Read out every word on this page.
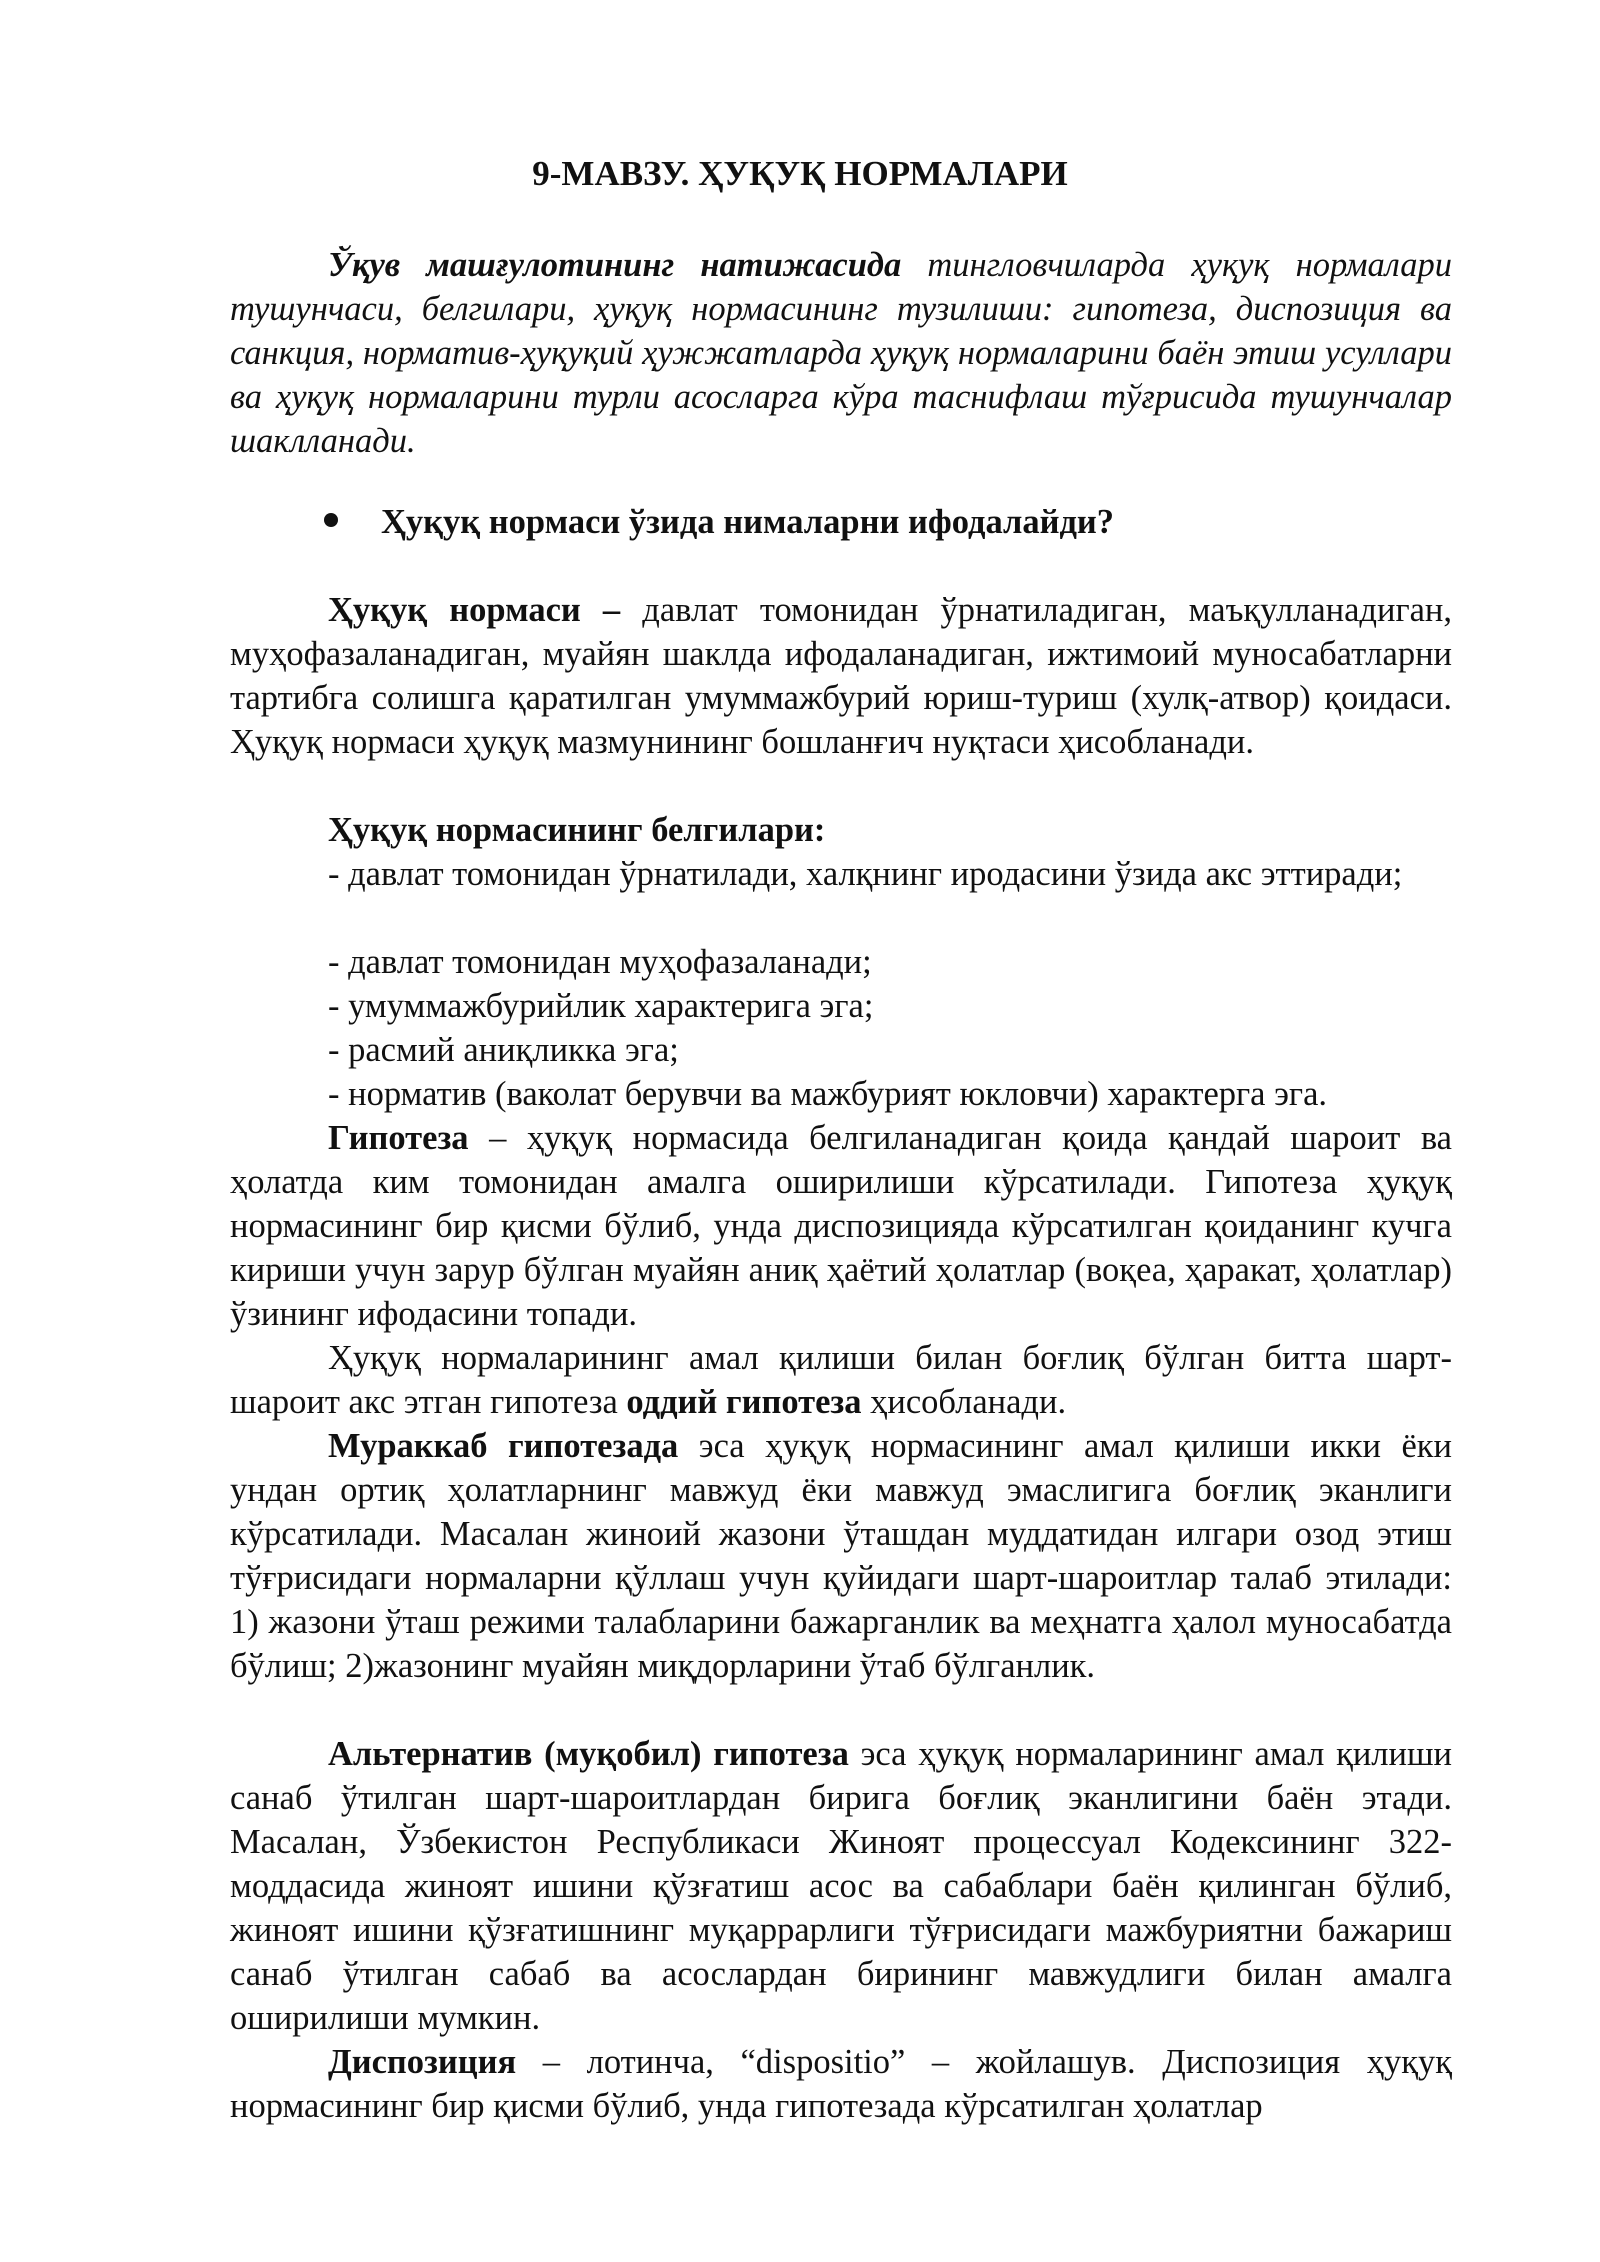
9-МАВЗУ. ҲУҚУҚ НОРМАЛАРИ

Ўқув машғулотининг натижасида тингловчиларда ҳуқуқ нормалари тушунчаси, белгилари, ҳуқуқ нормасининг тузилиши: гипотеза, диспозиция ва санкция, норматив-ҳуқуқий ҳужжатларда ҳуқуқ нормаларини баён этиш усуллари ва ҳуқуқ нормаларини турли асосларга кўра таснифлаш тўғрисида тушунчалар шаклланади.

Ҳуқуқ нормаси ўзида нималарни ифодалайди?

Ҳуқуқ нормаси – давлат томонидан ўрнатиладиган, маъқулланадиган, муҳофазаланадиган, муайян шаклда ифодаланадиган, ижтимоий муносабатларни тартибга солишга қаратилган умуммажбурий юриш-туриш (хулқ-атвор) қоидаси. Ҳуқуқ нормаси ҳуқуқ мазмунининг бошланғич нуқтаси ҳисобланади.

Ҳуқуқ нормасининг белгилари:

- давлат томонидан ўрнатилади, халқнинг иродасини ўзида акс эттиради;

- давлат томонидан муҳофазаланади;
- умуммажбурийлик характерига эга;
- расмий аниқликка эга;
- норматив (ваколат берувчи ва мажбурият юкловчи) характерга эга.

Гипотеза – ҳуқуқ нормасида белгиланадиган қоида қандай шароит ва ҳолатда ким томонидан амалга оширилиши кўрсатилади. Гипотеза ҳуқуқ нормасининг бир қисми бўлиб, унда диспозицияда кўрсатилган қоиданинг кучга кириши учун зарур бўлган муайян аниқ ҳаётий ҳолатлар (воқеа, ҳаракат, ҳолатлар) ўзининг ифодасини топади.

Ҳуқуқ нормаларининг амал қилиши билан боғлиқ бўлган битта шарт-шароит акс этган гипотеза оддий гипотеза ҳисобланади.

Мураккаб гипотезада эса ҳуқуқ нормасининг амал қилиши икки ёки ундан ортиқ ҳолатларнинг мавжуд ёки мавжуд эмаслигига боғлиқ эканлиги кўрсатилади. Масалан жиноий жазони ўташдан муддатидан илгари озод этиш тўғрисидаги нормаларни қўллаш учун қуйидаги шарт-шароитлар талаб этилади: 1) жазони ўташ режими талабларини бажарганлик ва меҳнатга ҳалол муносабатда бўлиш; 2)жазонинг муайян миқдорларини ўтаб бўлганлик.

Альтернатив (муқобил) гипотеза эса ҳуқуқ нормаларининг амал қилиши санаб ўтилган шарт-шароитлардан бирига боғлиқ эканлигини баён этади. Масалан, Ўзбекистон Республикаси Жиноят процессуал Кодексининг 322-моддасида жиноят ишини қўзғатиш асос ва сабаблари баён қилинган бўлиб, жиноят ишини қўзғатишнинг муқаррарлиги тўғрисидаги мажбуриятни бажариш санаб ўтилган сабаб ва асослардан бирининг мавжудлиги билан амалга оширилиши мумкин.

Диспозиция – лотинча, “dispositio” – жойлашув. Диспозиция ҳуқуқ нормасининг бир қисми бўлиб, унда гипотезада кўрсатилган ҳолатлар
